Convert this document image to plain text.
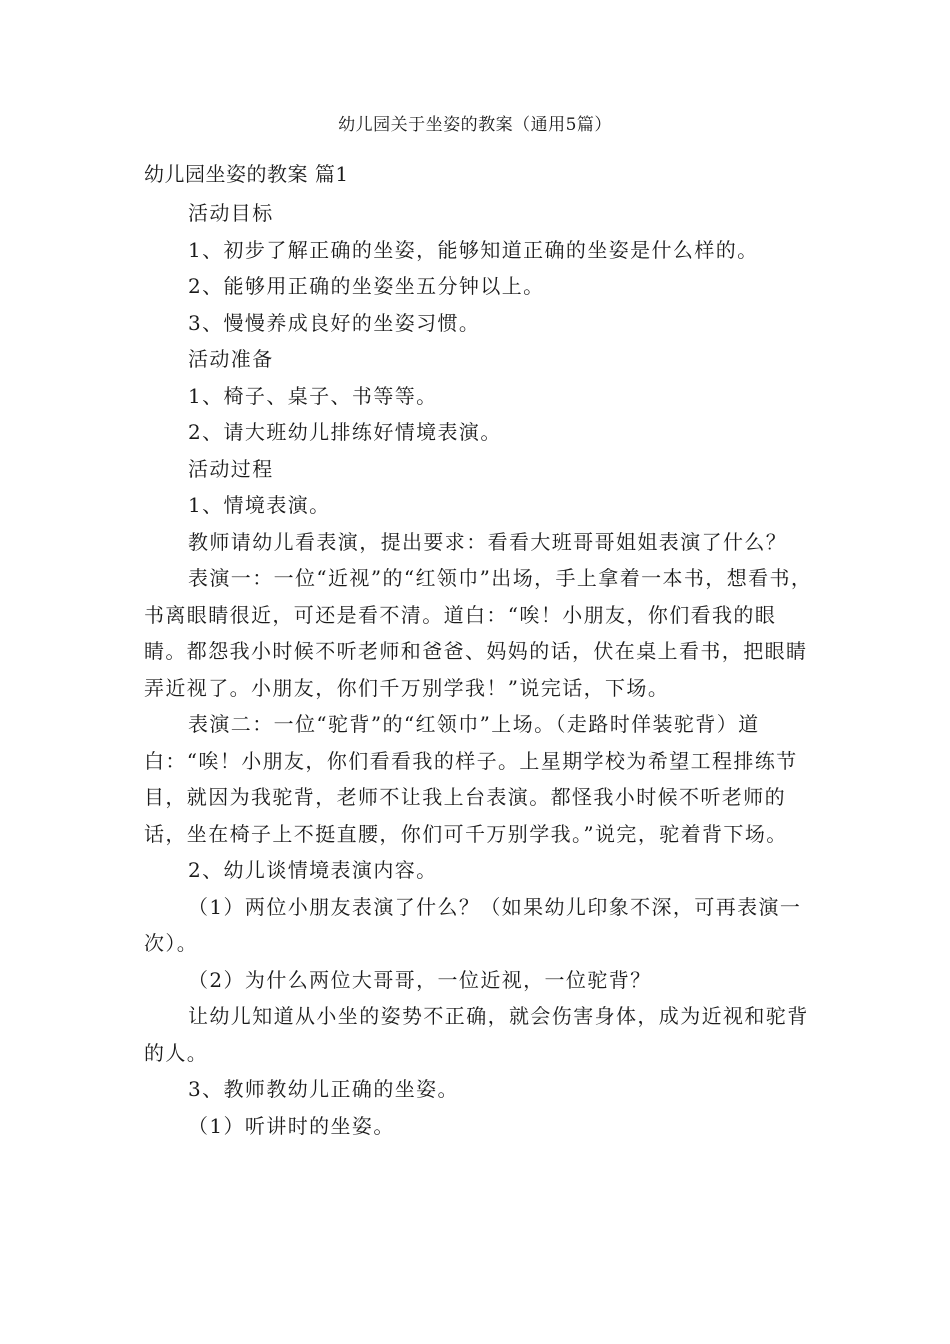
幼儿园关于坐姿的教案（通用5篇）
幼儿园坐姿的教案 篇1

活动目标

1、初步了解正确的坐姿，能够知道正确的坐姿是什么样的。

2、能够用正确的坐姿坐五分钟以上。

3、慢慢养成良好的坐姿习惯。

活动准备

1、椅子、桌子、书等等。

2、请大班幼儿排练好情境表演。

活动过程

1、情境表演。

教师请幼儿看表演，提出要求：看看大班哥哥姐姐表演了什么？

表演一：一位“近视”的“红领巾”出场，手上拿着一本书，想看书，书离眼睛很近，可还是看不清。道白：“唉！小朋友，你们看我的眼睛。都怨我小时候不听老师和爸爸、妈妈的话，伏在桌上看书，把眼睛弄近视了。小朋友，你们千万别学我！”说完话，下场。

表演二：一位“驼背”的“红领巾”上场。（走路时佯装驼背）道白：“唉！小朋友，你们看看我的样子。上星期学校为希望工程排练节目，就因为我驼背，老师不让我上台表演。都怪我小时候不听老师的话，坐在椅子上不挺直腰，你们可千万别学我。”说完，驼着背下场。

2、幼儿谈情境表演内容。

（1）两位小朋友表演了什么？（如果幼儿印象不深，可再表演一次）。

（2）为什么两位大哥哥，一位近视，一位驼背？

让幼儿知道从小坐的姿势不正确，就会伤害身体，成为近视和驼背的人。

3、教师教幼儿正确的坐姿。

（1）听讲时的坐姿。
